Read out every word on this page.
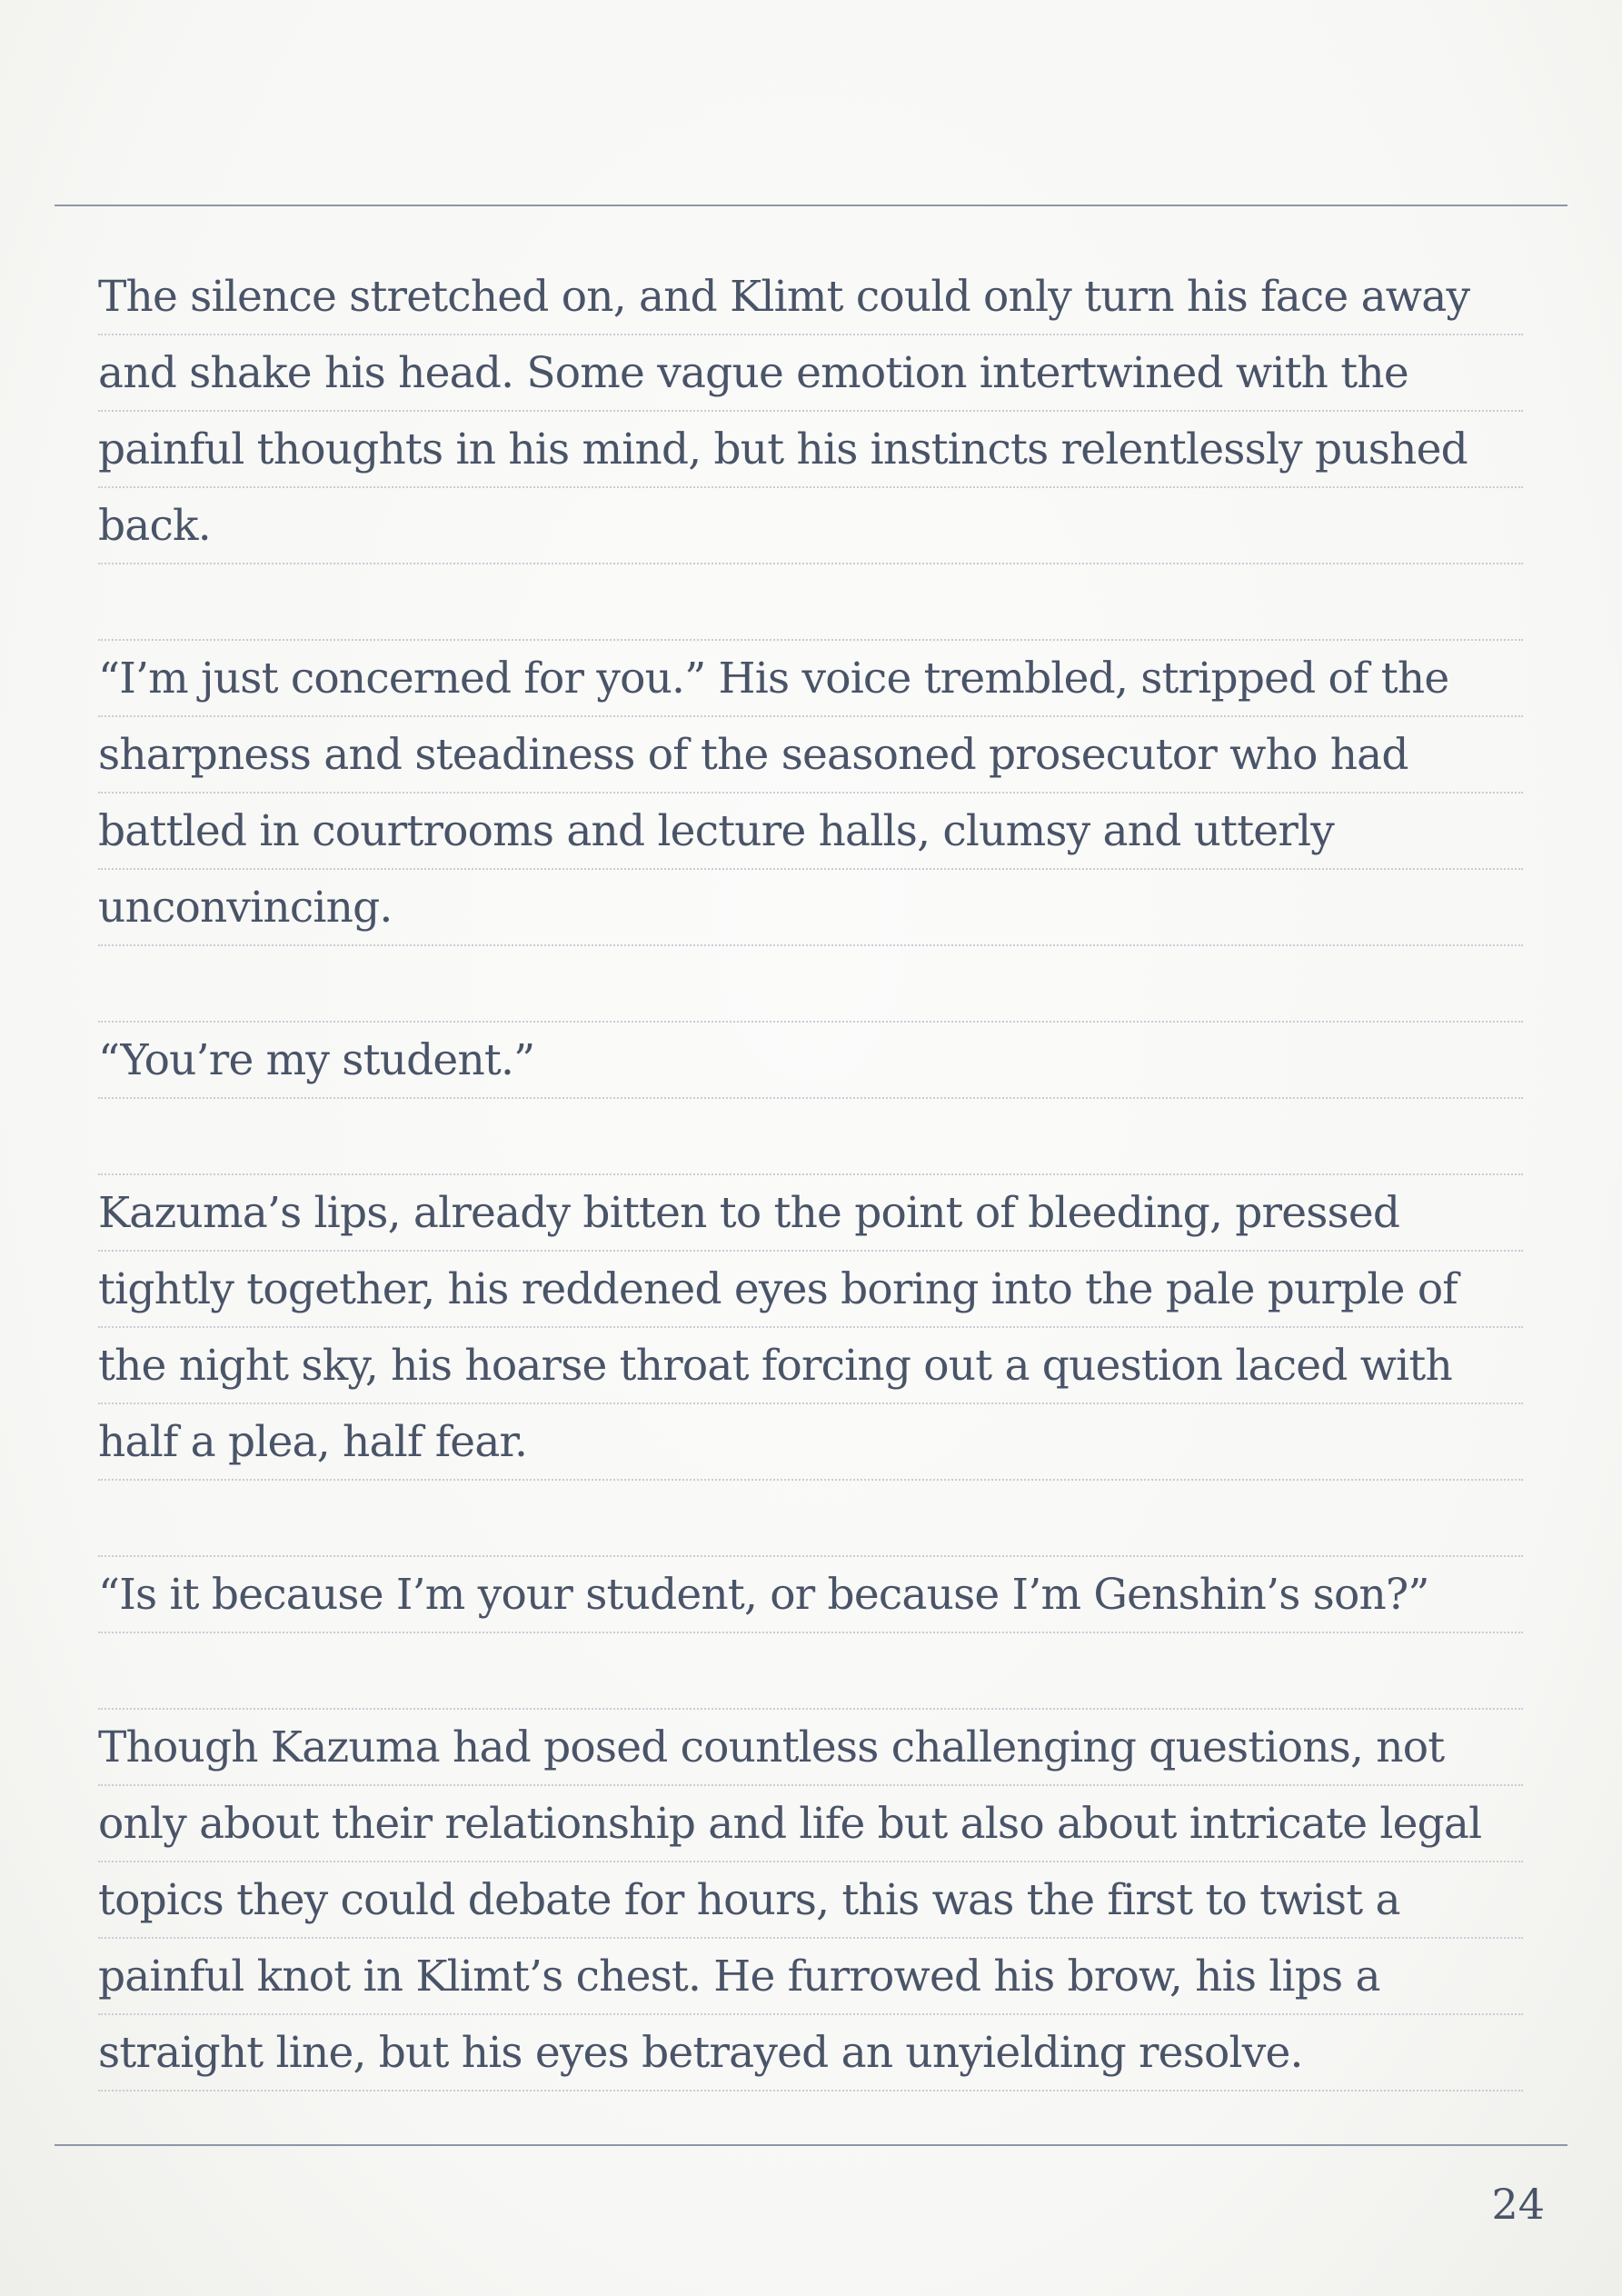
The silence stretched on, and Klimt could only turn his face away
and shake his head. Some vague emotion intertwined with the
painful thoughts in his mind, but his instincts relentlessly pushed
back.
“I’m just concerned for you.” His voice trembled, stripped of the
sharpness and steadiness of the seasoned prosecutor who had
battled in courtrooms and lecture halls, clumsy and utterly
unconvincing.
“You’re my student.”
Kazuma’s lips, already bitten to the point of bleeding, pressed
tightly together, his reddened eyes boring into the pale purple of
the night sky, his hoarse throat forcing out a question laced with
half a plea, half fear.
“Is it because I’m your student, or because I’m Genshin’s son?”
Though Kazuma had posed countless challenging questions, not
only about their relationship and life but also about intricate legal
topics they could debate for hours, this was the first to twist a
painful knot in Klimt’s chest. He furrowed his brow, his lips a
straight line, but his eyes betrayed an unyielding resolve.
24
